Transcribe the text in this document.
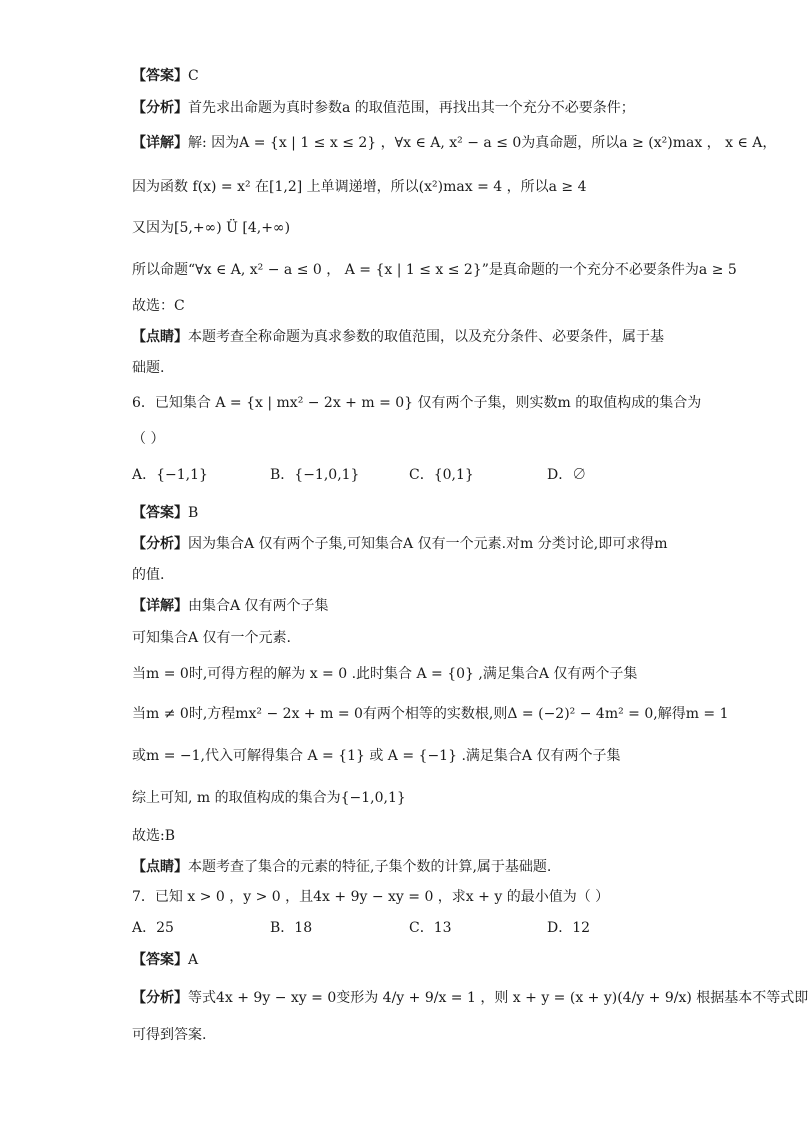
【答案】C
【分析】首先求出命题为真时参数a 的取值范围，再找出其一个充分不必要条件；
【详解】解: 因为A = {x | 1 ≤ x ≤ 2} ，∀x ∈ A, x² − a ≤ 0为真命题，所以a ≥ (x²)max ， x ∈ A，
因为函数 f(x) = x² 在[1,2] 上单调递增，所以(x²)max = 4 ，所以a ≥ 4
又因为[5,+∞) Ü [4,+∞)
所以命题“∀x ∈ A, x² − a ≤ 0 ， A = {x | 1 ≤ x ≤ 2}”是真命题的一个充分不必要条件为a ≥ 5
故选：C
【点睛】本题考查全称命题为真求参数的取值范围，以及充分条件、必要条件，属于基
础题.
6．已知集合 A = {x | mx² − 2x + m = 0} 仅有两个子集，则实数m 的取值构成的集合为
（ ）
A．{−1,1}	B．{−1,0,1}	C．{0,1}	D．∅
【答案】B
【分析】因为集合A 仅有两个子集,可知集合A 仅有一个元素.对m 分类讨论,即可求得m
的值.
【详解】由集合A 仅有两个子集
可知集合A 仅有一个元素.
当m = 0时,可得方程的解为 x = 0 .此时集合 A = {0} ,满足集合A 仅有两个子集
当m ≠ 0时,方程mx² − 2x + m = 0有两个相等的实数根,则Δ = (−2)² − 4m² = 0,解得m = 1
或m = −1,代入可解得集合 A = {1} 或 A = {−1} .满足集合A 仅有两个子集
综上可知, m 的取值构成的集合为{−1,0,1}
故选:B
【点睛】本题考查了集合的元素的特征,子集个数的计算,属于基础题.
7．已知 x > 0 ，y > 0 ，且4x + 9y − xy = 0 ，求x + y 的最小值为（ ）
A．25	B．18	C．13	D．12
【答案】A
【分析】等式4x + 9y − xy = 0变形为 4/y + 9/x = 1 ，则 x + y = (x + y)(4/y + 9/x) 根据基本不等式即
可得到答案.
